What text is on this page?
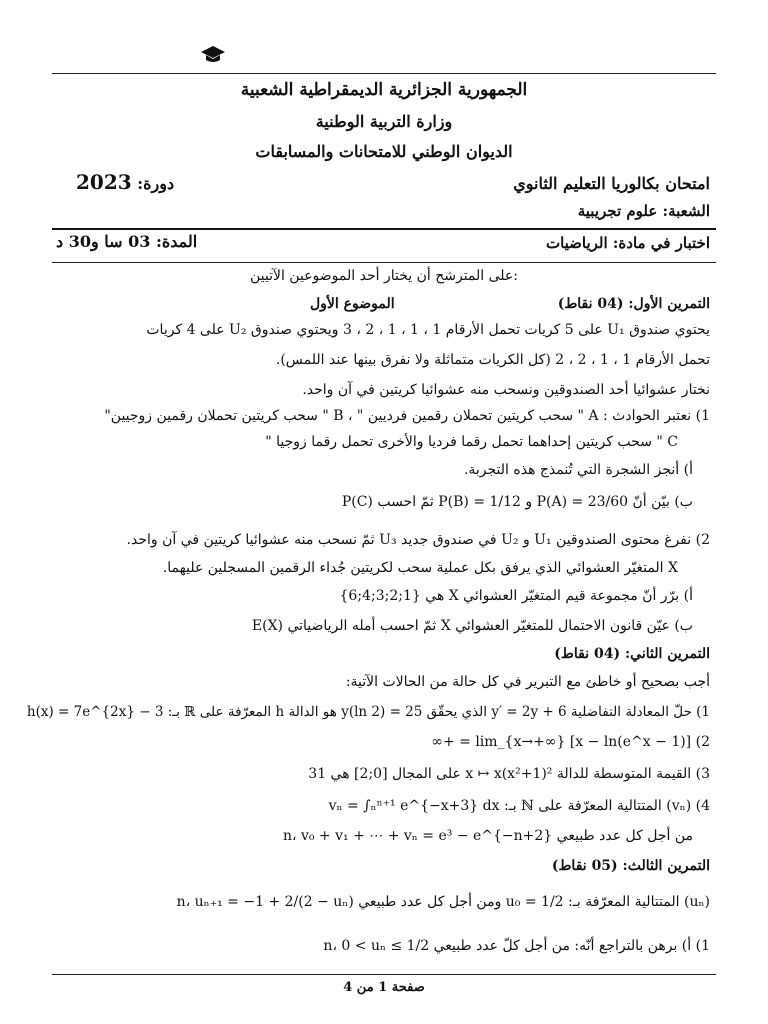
الجمهورية الجزائرية الديمقراطية الشعبية
وزارة التربية الوطنية
الديوان الوطني للامتحانات والمسابقات
امتحان بكالوريا التعليم الثانوي
دورة: 2023
الشعبة: علوم تجريبية
اختبار في مادة: الرياضيات
المدة: 03 سا و30 د
على المترشح أن يختار أحد الموضوعين الآتيين:
الموضوع الأول	التمرين الأول: (04 نقاط)
يحتوي صندوق U₁ على 5 كريات تحمل الأرقام 1 ، 1 ، 1 ، 2 ، 3 ويحتوي صندوق U₂ على 4 كريات
تحمل الأرقام 1 ، 1 ، 2 ، 2 (كل الكريات متماثلة ولا نفرق بينها عند اللمس).
نختار عشوائيا أحد الصندوقين ونسحب منه عشوائيا كريتين في آن واحد.
1) نعتبر الحوادث : A " سحب كريتين تحملان رقمين فرديين " ، B " سحب كريتين تحملان رقمين زوجيين"
C " سحب كريتين إحداهما تحمل رقما فرديا والأخرى تحمل رقما زوجيا "
أ) أنجز الشجرة التي تُنمذج هذه التجربة.
ب) بيّن أنّ P(A) = 23/60 و P(B) = 1/12 ثمّ احسب P(C)
2) نفرغ محتوى الصندوقين U₁ و U₂ في صندوق جديد U₃ ثمّ نسحب منه عشوائيا كريتين في آن واحد.
X المتغيّر العشوائي الذي يرفق بكل عملية سحب لكريتين جُداء الرقمين المسجلين عليهما.
أ) برّر أنّ مجموعة قيم المتغيّر العشوائي X هي {1;2;3;4;6}
ب) عيّن قانون الاحتمال للمتغيّر العشوائي X ثمّ احسب أمله الرياضياتي E(X)
التمرين الثاني: (04 نقاط)
أجب بصحيح أو خاطئ مع التبرير في كل حالة من الحالات الآتية:
1) حلّ المعادلة التفاضلية y′ = 2y + 6 الذي يحقّق y(ln 2) = 25 هو الدالة h المعرّفة على ℝ بـ: h(x) = 7e^{2x} − 3
2) lim_{x→+∞} [x − ln(e^x − 1)] = +∞
3) القيمة المتوسطة للدالة x ↦ x(x²+1)² على المجال [0;2] هي 31
4) (vₙ) المتتالية المعرّفة على ℕ بـ: vₙ = ∫ₙⁿ⁺¹ e^{−x+3} dx
من أجل كل عدد طبيعي n، v₀ + v₁ + ⋯ + vₙ = e³ − e^{−n+2}
التمرين الثالث: (05 نقاط)
(uₙ) المتتالية المعرّفة بـ: u₀ = 1/2 ومن أجل كل عدد طبيعي n، uₙ₊₁ = −1 + 2/(2 − uₙ)
1) أ) برهن بالتراجع أنّه: من أجل كلّ عدد طبيعي n، 0 < uₙ ≤ 1/2
صفحة 1 من 4
